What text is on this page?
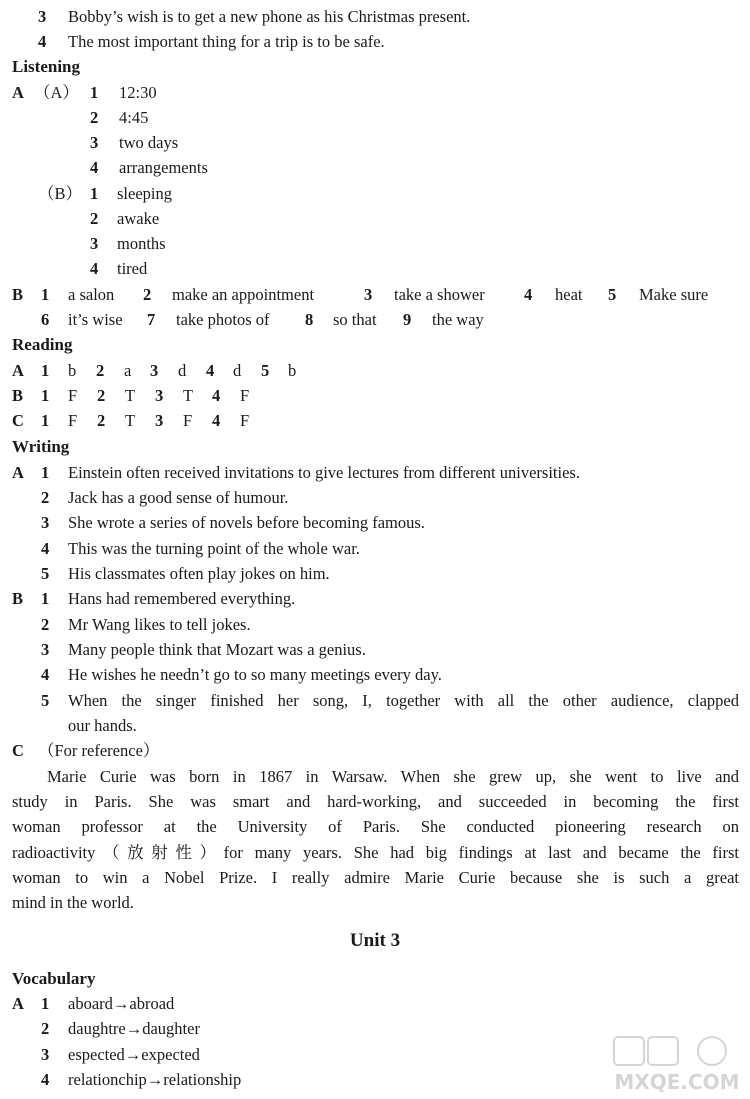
3 Bobby’s wish is to get a new phone as his Christmas present.
4 The most important thing for a trip is to be safe.
Listening
A （A） 1 12:30
2 4:45
3 two days
4 arrangements
（B） 1 sleeping
2 awake
3 months
4 tired
B 1 a salon 2 make an appointment	3 take a shower 4 heat 5 Make sure
6 it’s wise 7 take photos of 8 so that 9 the way
Reading
A 1 b 2 a 3 d 4 d 5 b
B 1 F 2 T 3 T 4 F
C 1 F 2 T 3 F 4 F
Writing
A 1 Einstein often received invitations to give lectures from different universities.
2 Jack has a good sense of humour.
3 She wrote a series of novels before becoming famous.
4 This was the turning point of the whole war.
5 His classmates often play jokes on him.
B 1 Hans had remembered everything.
2 Mr Wang likes to tell jokes.
3 Many people think that Mozart was a genius.
4 He wishes he needn’t go to so many meetings every day.
5 When the singer finished her song, I, together with all the other audience, clapped
our hands.
C （For reference）
Marie Curie was born in 1867 in Warsaw. When she grew up, she went to live and
study in Paris. She was smart and hard-working, and succeeded in becoming the first
woman professor at the University of Paris. She conducted pioneering research on
radioactivity（放射性）for many years. She had big findings at last and became the first
woman to win a Nobel Prize. I really admire Marie Curie because she is such a great
mind in the world.
Unit 3
Vocabulary
A 1 aboard→abroad
2 daughtre→daughter
3 espected→expected
4 relationchip→relationship	MXQE.COM
